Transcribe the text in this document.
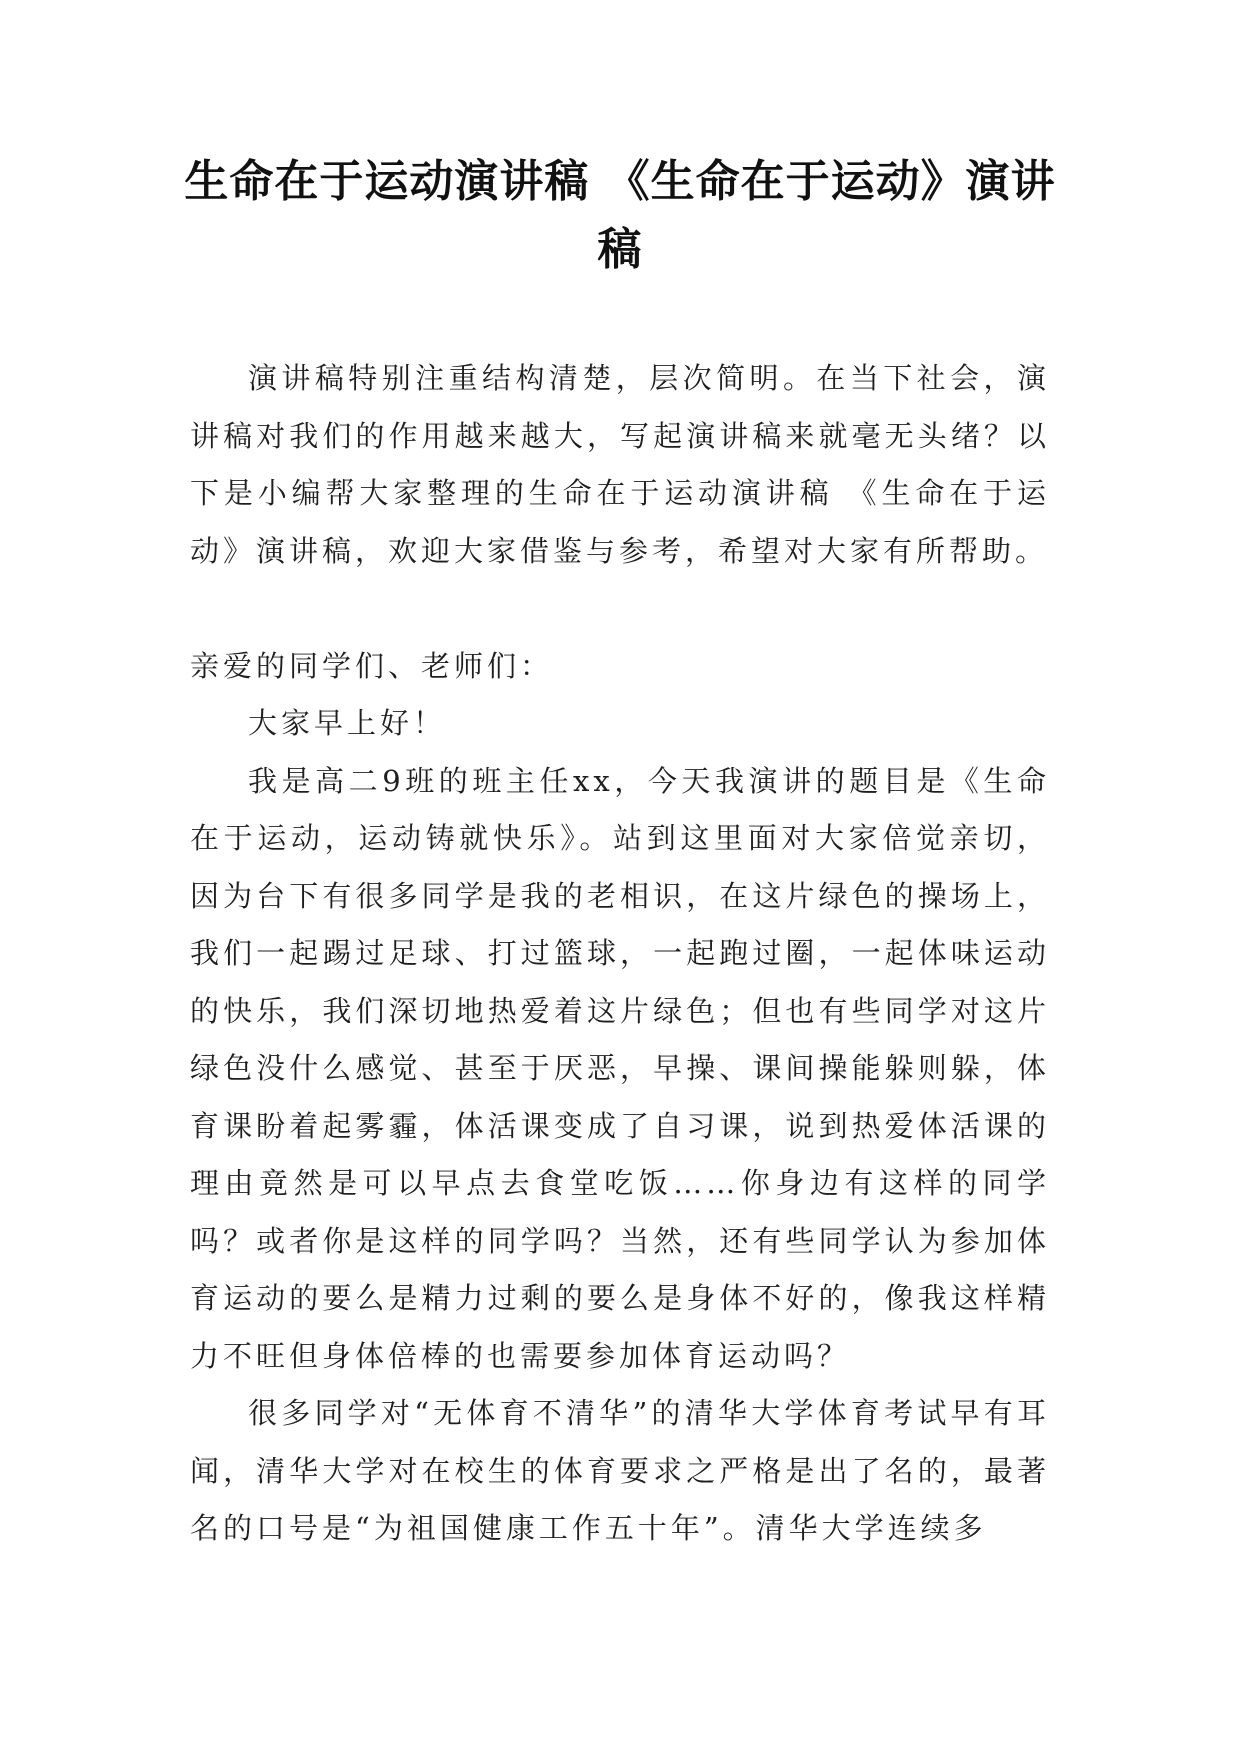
生命在于运动演讲稿 《生命在于运动》演讲稿

演讲稿特别注重结构清楚，层次简明。在当下社会，演讲稿对我们的作用越来越大，写起演讲稿来就毫无头绪？以下是小编帮大家整理的生命在于运动演讲稿 《生命在于运动》演讲稿，欢迎大家借鉴与参考，希望对大家有所帮助。

亲爱的同学们、老师们：

大家早上好！

我是高二9班的班主任xx，今天我演讲的题目是《生命在于运动，运动铸就快乐》。站到这里面对大家倍觉亲切，因为台下有很多同学是我的老相识，在这片绿色的操场上，我们一起踢过足球、打过篮球，一起跑过圈，一起体味运动的快乐，我们深切地热爱着这片绿色；但也有些同学对这片绿色没什么感觉、甚至于厌恶，早操、课间操能躲则躲，体育课盼着起雾霾，体活课变成了自习课，说到热爱体活课的理由竟然是可以早点去食堂吃饭……你身边有这样的同学吗？或者你是这样的同学吗？当然，还有些同学认为参加体育运动的要么是精力过剩的要么是身体不好的，像我这样精力不旺但身体倍棒的也需要参加体育运动吗？

很多同学对“无体育不清华”的清华大学体育考试早有耳闻，清华大学对在校生的体育要求之严格是出了名的，最著名的口号是“为祖国健康工作五十年”。清华大学连续多
